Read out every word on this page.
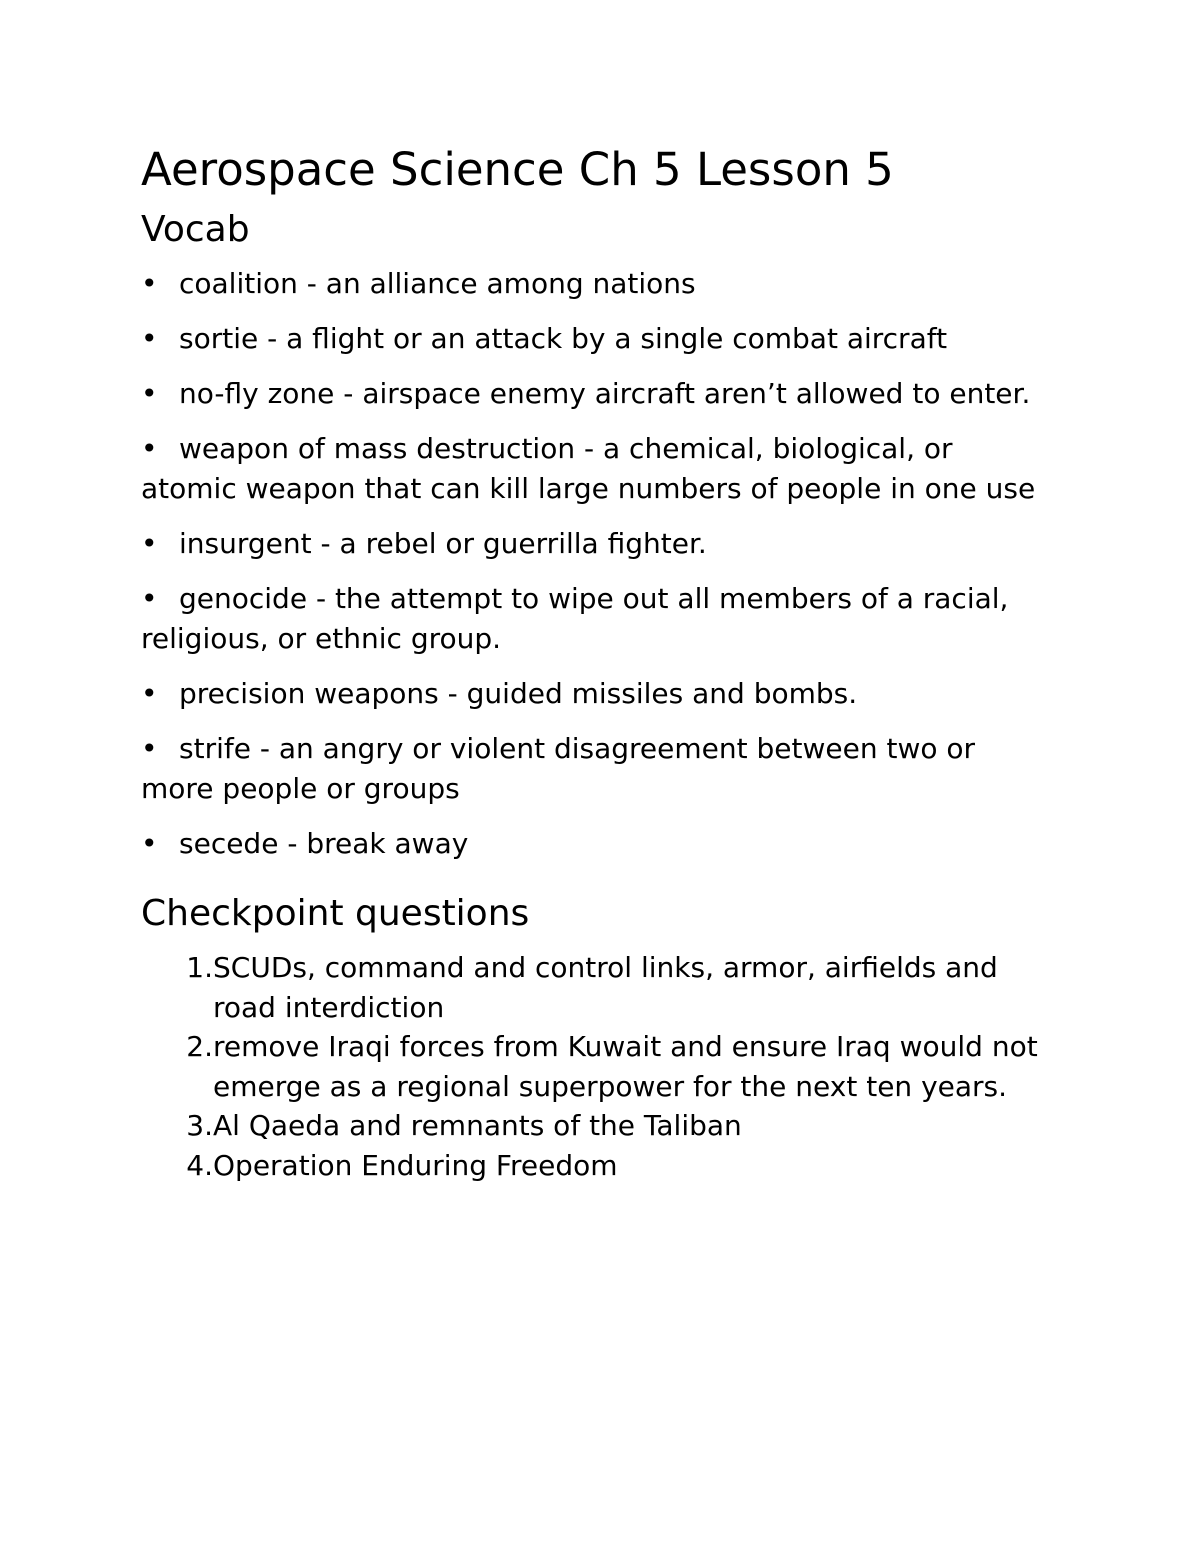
Aerospace Science Ch 5 Lesson 5
Vocab
• coalition - an alliance among nations
• sortie - a flight or an attack by a single combat aircraft
• no-fly zone - airspace enemy aircraft aren’t allowed to enter.
• weapon of mass destruction - a chemical, biological, or atomic weapon that can kill large numbers of people in one use
• insurgent - a rebel or guerrilla fighter.
• genocide - the attempt to wipe out all members of a racial, religious, or ethnic group.
• precision weapons - guided missiles and bombs.
• strife - an angry or violent disagreement between two or more people or groups
• secede - break away
Checkpoint questions
1. SCUDs, command and control links, armor, airfields and road interdiction
2. remove Iraqi forces from Kuwait and ensure Iraq would not emerge as a regional superpower for the next ten years.
3. Al Qaeda and remnants of the Taliban
4. Operation Enduring Freedom
